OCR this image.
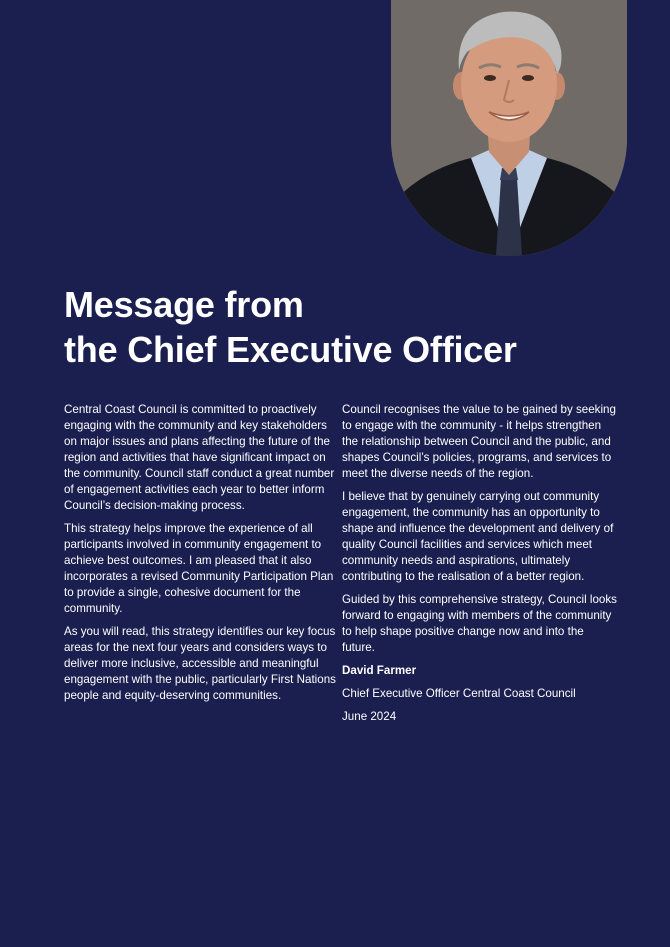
Message from
the Chief Executive Officer

Central Coast Council is committed to proactively engaging with the community and key stakeholders on major issues and plans affecting the future of the region and activities that have significant impact on the community. Council staff conduct a great number of engagement activities each year to better inform Council’s decision-making process.

This strategy helps improve the experience of all participants involved in community engagement to achieve best outcomes. I am pleased that it also incorporates a revised Community Participation Plan to provide a single, cohesive document for the community.

As you will read, this strategy identifies our key focus areas for the next four years and considers ways to deliver more inclusive, accessible and meaningful engagement with the public, particularly First Nations people and equity-deserving communities.

Council recognises the value to be gained by seeking to engage with the community - it helps strengthen the relationship between Council and the public, and shapes Council’s policies, programs, and services to meet the diverse needs of the region.

I believe that by genuinely carrying out community engagement, the community has an opportunity to shape and influence the development and delivery of quality Council facilities and services which meet community needs and aspirations, ultimately contributing to the realisation of a better region.

Guided by this comprehensive strategy, Council looks forward to engaging with members of the community to help shape positive change now and into the future.

David Farmer

Chief Executive Officer Central Coast Council

June 2024
